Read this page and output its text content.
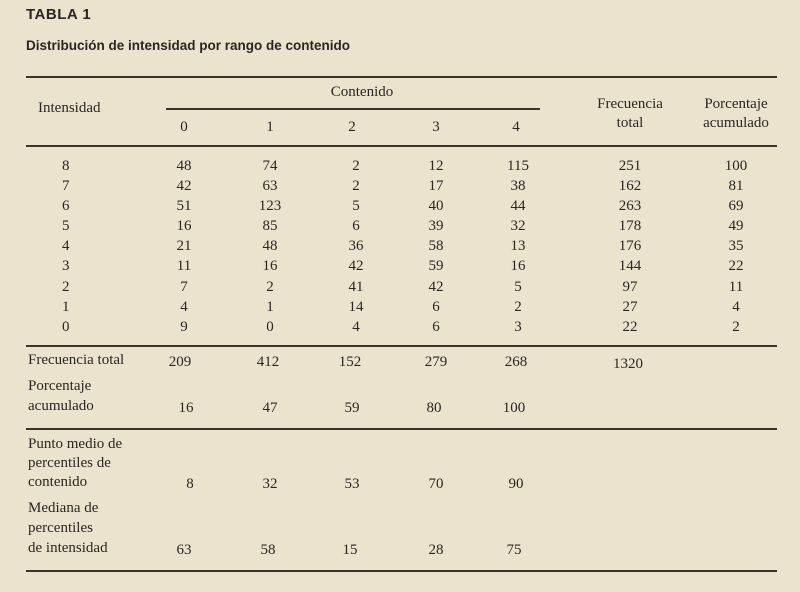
TABLA 1
Distribución de intensidad por rango de contenido
Intensidad
Contenido
0	1	2	3	4
Frecuencia
total
Porcentaje
acumulado
8	48	74	2	12	115	251	100
7	42	63	2	17	38	162	81
6	51	123	5	40	44	263	69
5	16	85	6	39	32	178	49
4	21	48	36	58	13	176	35
3	11	16	42	59	16	144	22
2	7	2	41	42	5	97	11
1	4	1	14	6	2	27	4
0	9	0	4	6	3	22	2
Frecuencia total	209	412	152	279	268	1320
Porcentaje
acumulado	16	47	59	80	100
Punto medio de
percentiles de
contenido	8	32	53	70	90
Mediana de
percentiles
de intensidad	63	58	15	28	75
